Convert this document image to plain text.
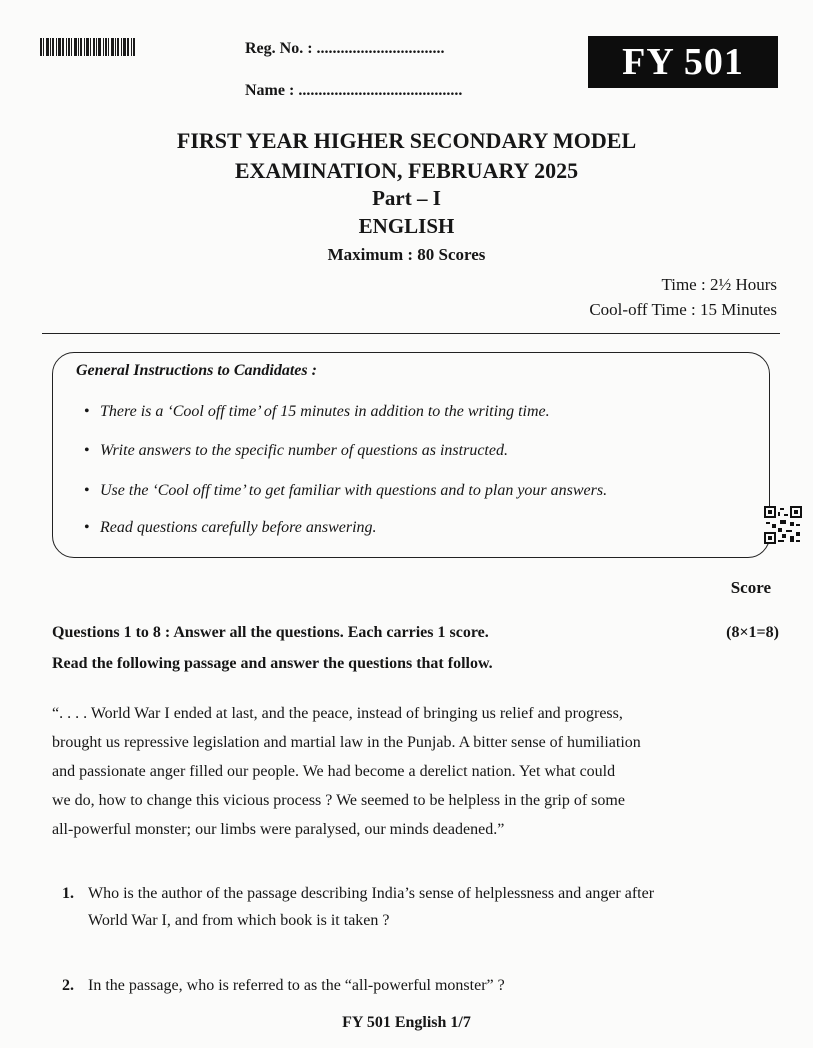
Reg. No. : ................................
Name : .........................................
FY 501
FIRST YEAR HIGHER SECONDARY MODEL
EXAMINATION, FEBRUARY 2025
Part – I
ENGLISH
Maximum : 80 Scores
Time : 2½ Hours
Cool-off Time : 15 Minutes
General Instructions to Candidates :
• There is a ‘Cool off time’ of 15 minutes in addition to the writing time.
• Write answers to the specific number of questions as instructed.
• Use the ‘Cool off time’ to get familiar with questions and to plan your answers.
• Read questions carefully before answering.
Score
Questions 1 to 8 : Answer all the questions. Each carries 1 score.	(8×1=8)
Read the following passage and answer the questions that follow.
“. . . . World War I ended at last, and the peace, instead of bringing us relief and progress,
brought us repressive legislation and martial law in the Punjab. A bitter sense of humiliation
and passionate anger filled our people. We had become a derelict nation. Yet what could
we do, how to change this vicious process ? We seemed to be helpless in the grip of some
all-powerful monster; our limbs were paralysed, our minds deadened.”
1. Who is the author of the passage describing India’s sense of helplessness and anger after
World War I, and from which book is it taken ?
2. In the passage, who is referred to as the “all-powerful monster” ?
FY 501 English 1/7
